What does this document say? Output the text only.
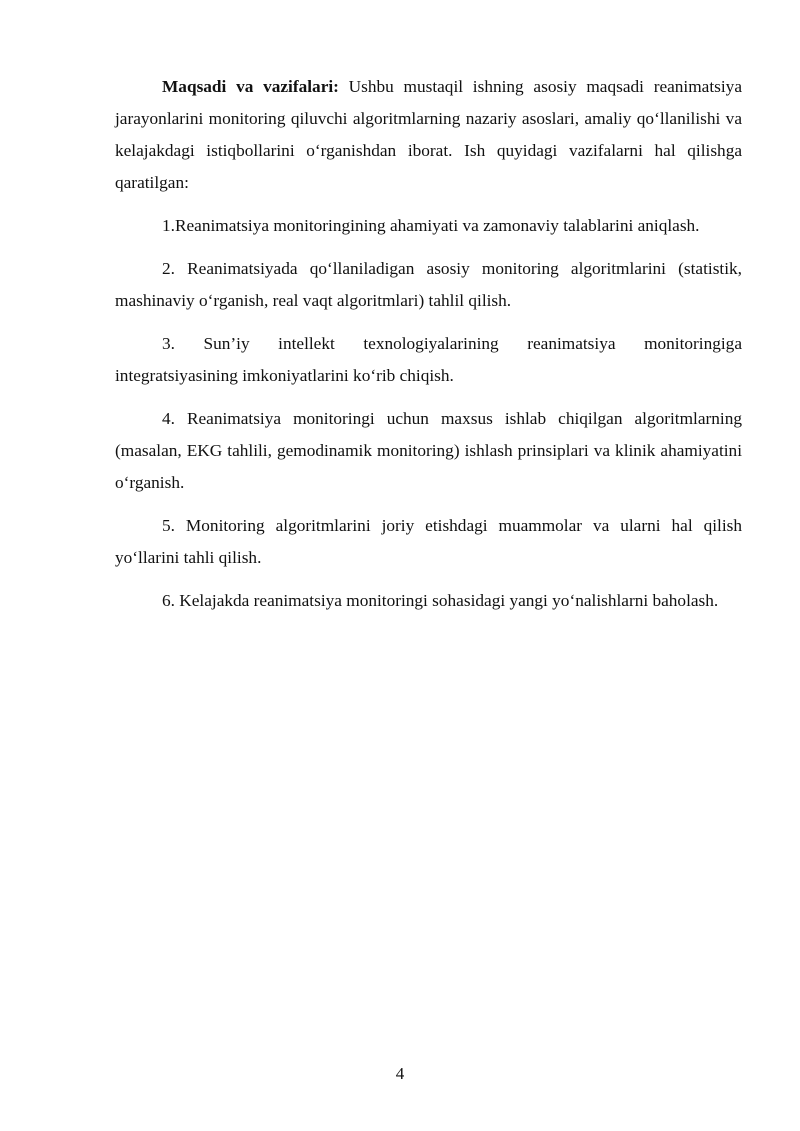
Maqsadi va vazifalari: Ushbu mustaqil ishning asosiy maqsadi reanimatsiya jarayonlarini monitoring qiluvchi algoritmlarning nazariy asoslari, amaliy qo‘llanilishi va kelajakdagi istiqbollarini o‘rganishdan iborat. Ish quyidagi vazifalarni hal qilishga qaratilgan:

1.Reanimatsiya monitoringining ahamiyati va zamonaviy talablarini aniqlash.

2. Reanimatsiyada qo‘llaniladigan asosiy monitoring algoritmlarini (statistik, mashinaviy o‘rganish, real vaqt algoritmlari) tahlil qilish.

3. Sun’iy intellekt texnologiyalarining reanimatsiya monitoringiga integratsiyasining imkoniyatlarini ko‘rib chiqish.

4. Reanimatsiya monitoringi uchun maxsus ishlab chiqilgan algoritmlarning (masalan, EKG tahlili, gemodinamik monitoring) ishlash prinsiplari va klinik ahamiyatini o‘rganish.

5. Monitoring algoritmlarini joriy etishdagi muammolar va ularni hal qilish yo‘llarini tahli qilish.

6. Kelajakda reanimatsiya monitoringi sohasidagi yangi yo‘nalishlarni baholash.

4
